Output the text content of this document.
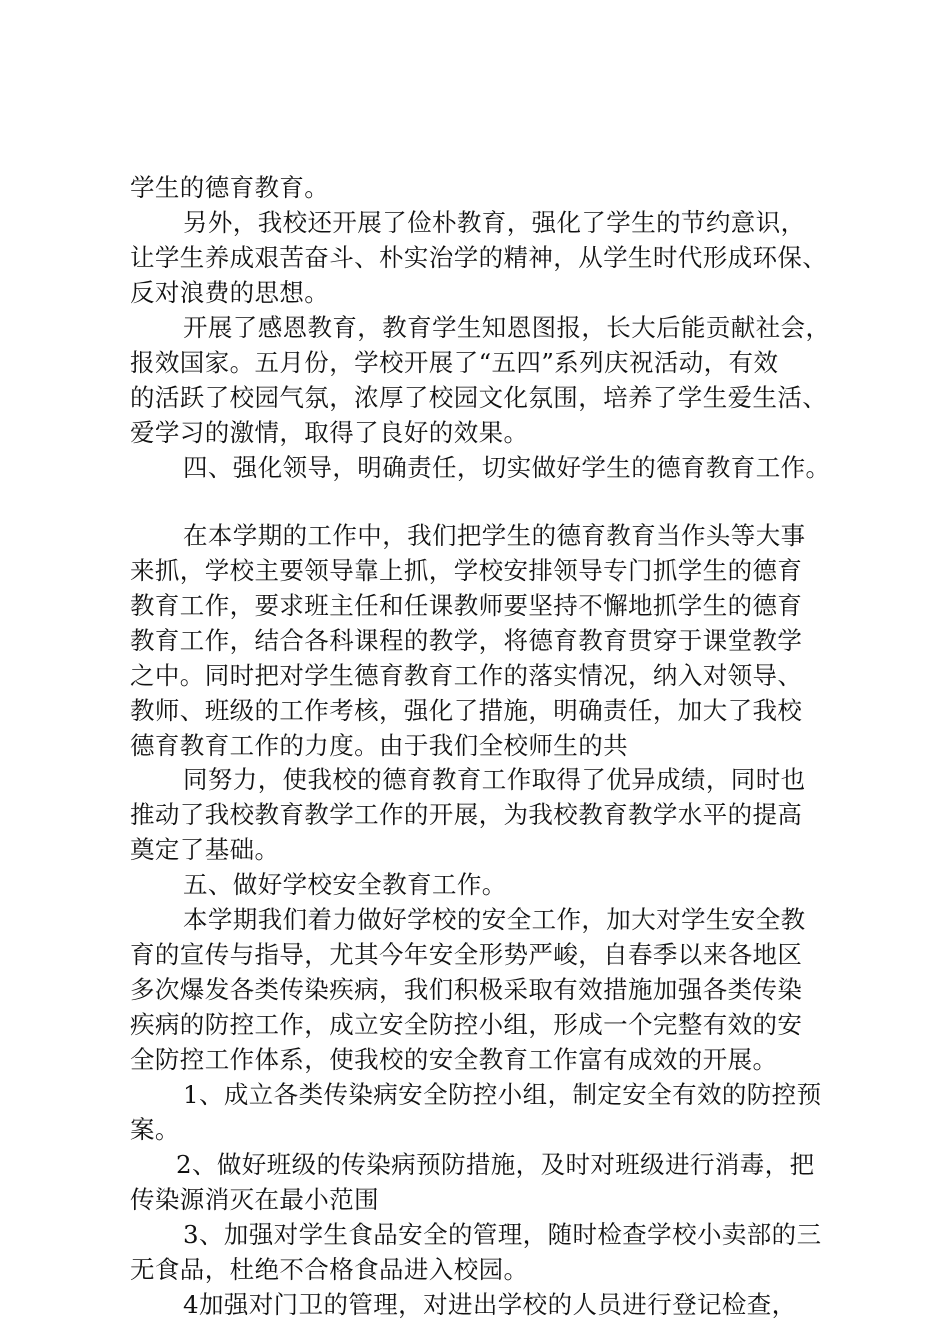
学生的德育教育。
另外，我校还开展了俭朴教育，强化了学生的节约意识，
让学生养成艰苦奋斗、朴实治学的精神，从学生时代形成环保、
反对浪费的思想。
开展了感恩教育，教育学生知恩图报，长大后能贡献社会，
报效国家。五月份，学校开展了“五四”系列庆祝活动，有效
的活跃了校园气氛，浓厚了校园文化氛围，培养了学生爱生活、
爱学习的激情，取得了良好的效果。
四、强化领导，明确责任，切实做好学生的德育教育工作。
在本学期的工作中，我们把学生的德育教育当作头等大事
来抓，学校主要领导靠上抓，学校安排领导专门抓学生的德育
教育工作，要求班主任和任课教师要坚持不懈地抓学生的德育
教育工作，结合各科课程的教学，将德育教育贯穿于课堂教学
之中。同时把对学生德育教育工作的落实情况，纳入对领导、
教师、班级的工作考核，强化了措施，明确责任，加大了我校
德育教育工作的力度。由于我们全校师生的共
同努力，使我校的德育教育工作取得了优异成绩，同时也
推动了我校教育教学工作的开展，为我校教育教学水平的提高
奠定了基础。
五、做好学校安全教育工作。
本学期我们着力做好学校的安全工作，加大对学生安全教
育的宣传与指导，尤其今年安全形势严峻，自春季以来各地区
多次爆发各类传染疾病，我们积极采取有效措施加强各类传染
疾病的防控工作，成立安全防控小组，形成一个完整有效的安
全防控工作体系，使我校的安全教育工作富有成效的开展。
1、成立各类传染病安全防控小组，制定安全有效的防控预
案。
2、做好班级的传染病预防措施，及时对班级进行消毒，把
传染源消灭在最小范围
3、加强对学生食品安全的管理，随时检查学校小卖部的三
无食品，杜绝不合格食品进入校园。
4加强对门卫的管理，对进出学校的人员进行登记检查，
